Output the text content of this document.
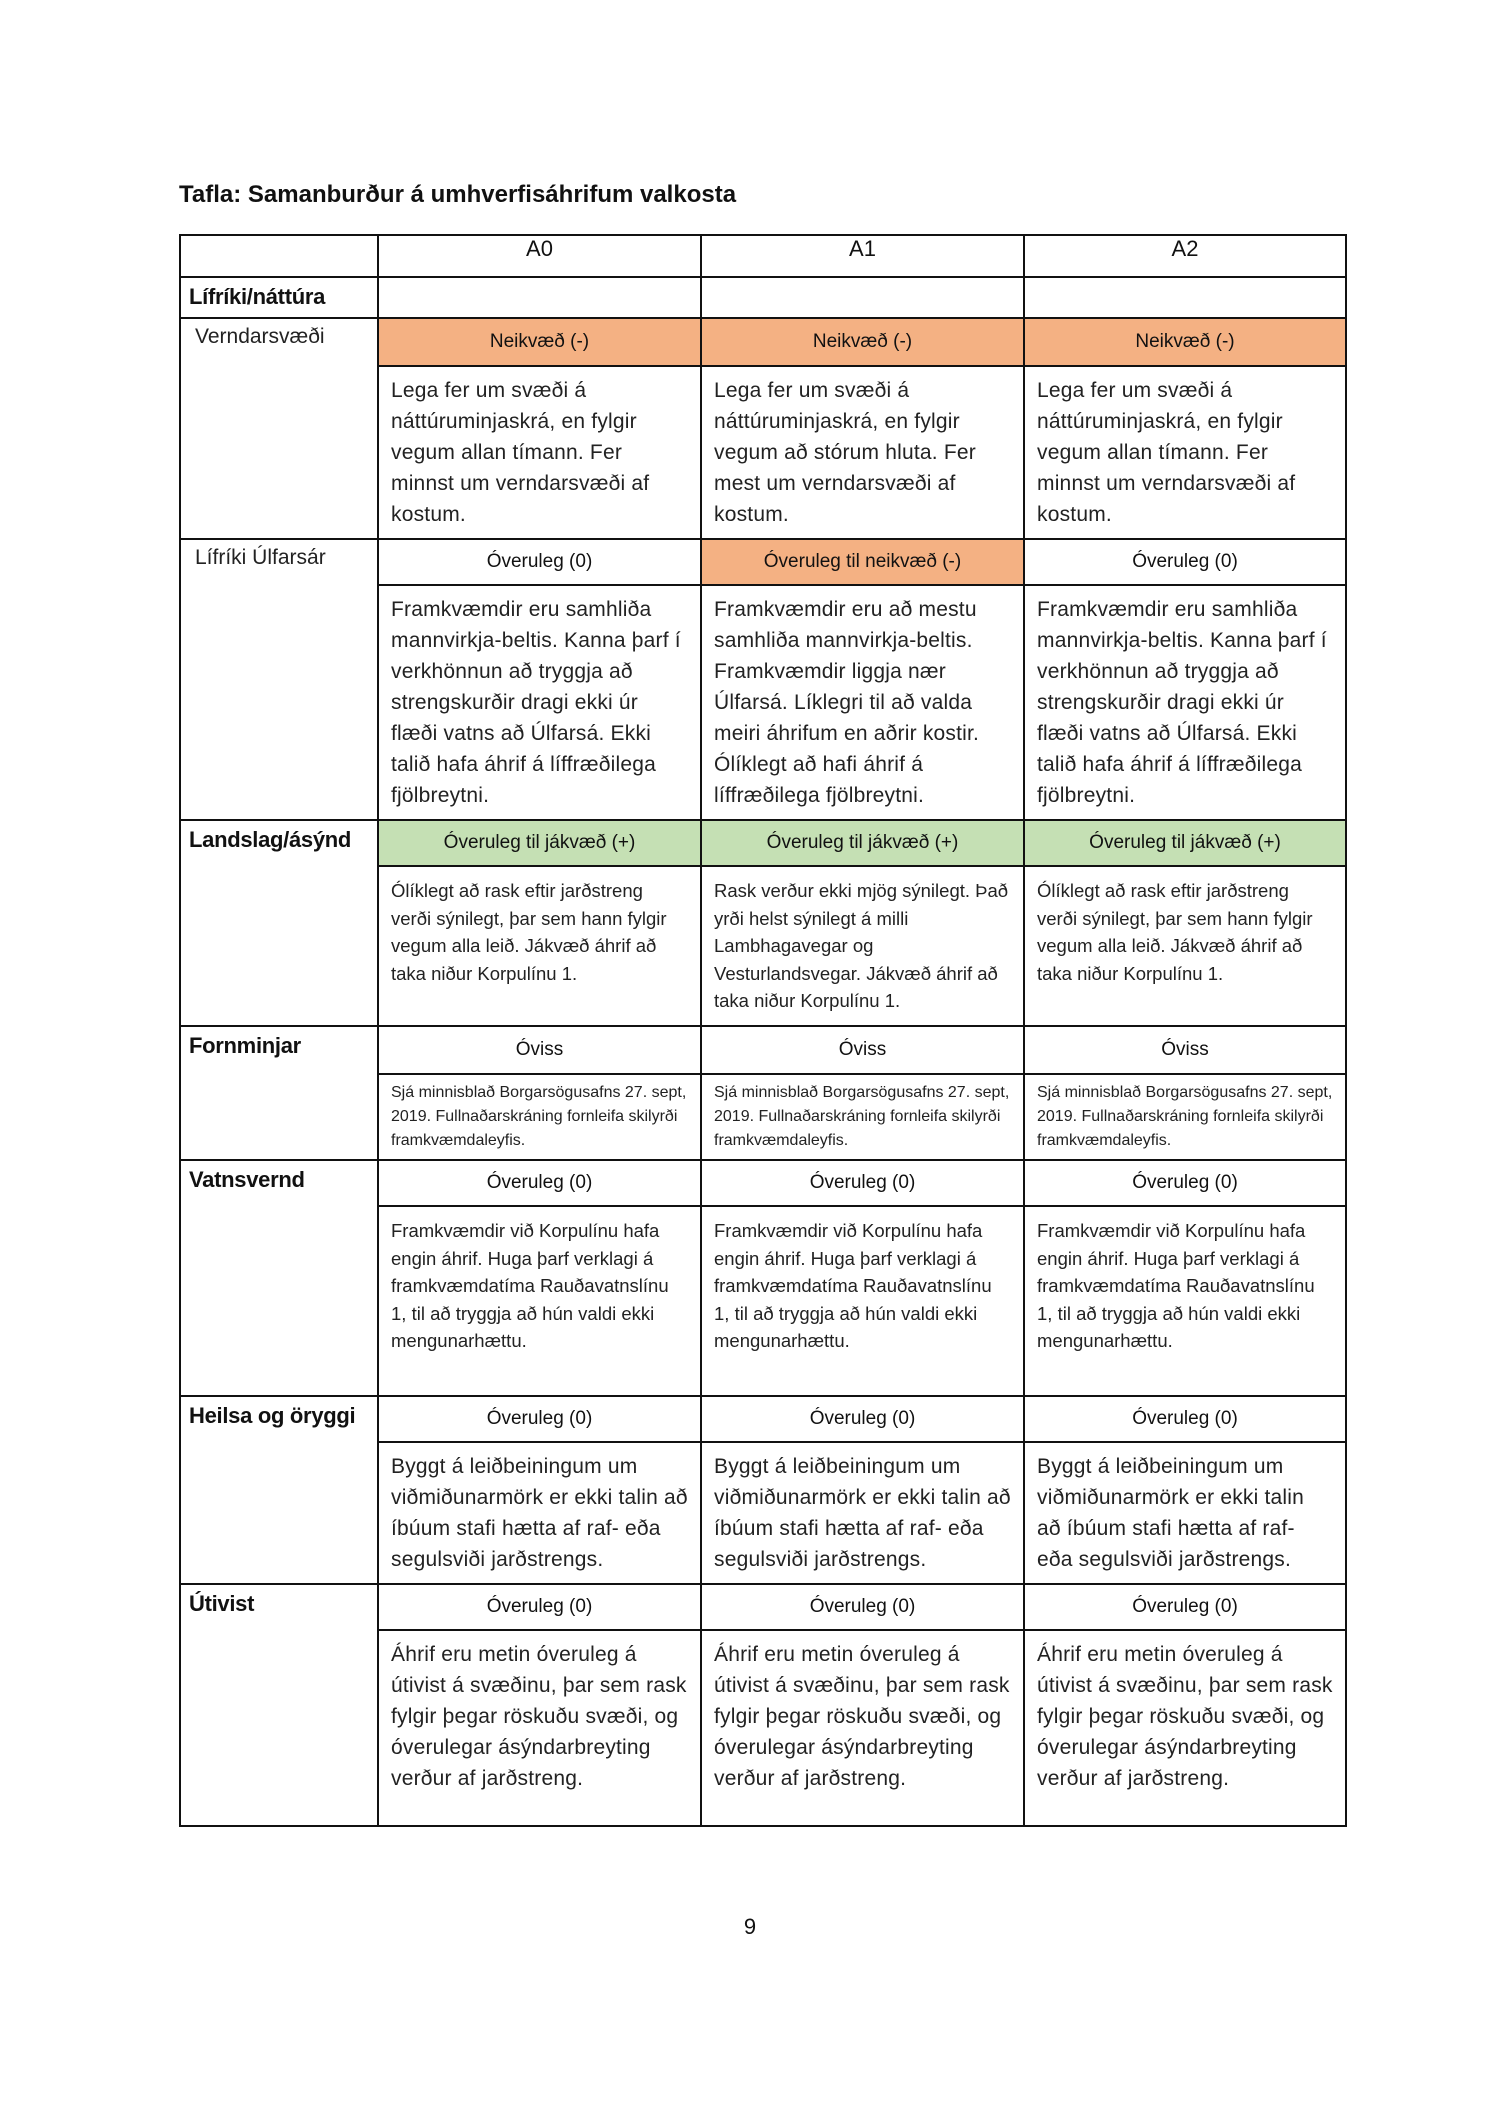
Tafla: Samanburður á umhverfisáhrifum valkosta
	A0	A1	A2
Lífríki/náttúra			
Verndarsvæði	Neikvæð (-)	Neikvæð (-)	Neikvæð (-)
	Lega fer um svæði á náttúruminjaskrá, en fylgir vegum allan tímann. Fer minnst um verndarsvæði af kostum.	Lega fer um svæði á náttúruminjaskrá, en fylgir vegum að stórum hluta. Fer mest um verndarsvæði af kostum.	Lega fer um svæði á náttúruminjaskrá, en fylgir vegum allan tímann. Fer minnst um verndarsvæði af kostum.
Lífríki Úlfarsár	Óveruleg (0)	Óveruleg til neikvæð (-)	Óveruleg (0)
	Framkvæmdir eru samhliða mannvirkja-beltis. Kanna þarf í verkhönnun að tryggja að strengskurðir dragi ekki úr flæði vatns að Úlfarsá. Ekki talið hafa áhrif á líffræðilega fjölbreytni.	Framkvæmdir eru að mestu samhliða mannvirkja-beltis. Framkvæmdir liggja nær Úlfarsá. Líklegri til að valda meiri áhrifum en aðrir kostir. Ólíklegt að hafi áhrif á líffræðilega fjölbreytni.	Framkvæmdir eru samhliða mannvirkja-beltis. Kanna þarf í verkhönnun að tryggja að strengskurðir dragi ekki úr flæði vatns að Úlfarsá. Ekki talið hafa áhrif á líffræðilega fjölbreytni.
Landslag/ásýnd	Óveruleg til jákvæð (+)	Óveruleg til jákvæð (+)	Óveruleg til jákvæð (+)
	Ólíklegt að rask eftir jarðstreng verði sýnilegt, þar sem hann fylgir vegum alla leið. Jákvæð áhrif að taka niður Korpulínu 1.	Rask verður ekki mjög sýnilegt. Það yrði helst sýnilegt á milli Lambhagavegar og Vesturlandsvegar. Jákvæð áhrif að taka niður Korpulínu 1.	Ólíklegt að rask eftir jarðstreng verði sýnilegt, þar sem hann fylgir vegum alla leið. Jákvæð áhrif að taka niður Korpulínu 1.
Fornminjar	Óviss	Óviss	Óviss
	Sjá minnisblað Borgarsögusafns 27. sept, 2019. Fullnaðarskráning fornleifa skilyrði framkvæmdaleyfis.	Sjá minnisblað Borgarsögusafns 27. sept, 2019. Fullnaðarskráning fornleifa skilyrði framkvæmdaleyfis.	Sjá minnisblað Borgarsögusafns 27. sept, 2019. Fullnaðarskráning fornleifa skilyrði framkvæmdaleyfis.
Vatnsvernd	Óveruleg (0)	Óveruleg (0)	Óveruleg (0)
	Framkvæmdir við Korpulínu hafa engin áhrif. Huga þarf verklagi á framkvæmdatíma Rauðavatnslínu 1, til að tryggja að hún valdi ekki mengunarhættu.	Framkvæmdir við Korpulínu hafa engin áhrif. Huga þarf verklagi á framkvæmdatíma Rauðavatnslínu 1, til að tryggja að hún valdi ekki mengunarhættu.	Framkvæmdir við Korpulínu hafa engin áhrif. Huga þarf verklagi á framkvæmdatíma Rauðavatnslínu 1, til að tryggja að hún valdi ekki mengunarhættu.
Heilsa og öryggi	Óveruleg (0)	Óveruleg (0)	Óveruleg (0)
	Byggt á leiðbeiningum um viðmiðunarmörk er ekki talin að íbúum stafi hætta af raf- eða segulsviði jarðstrengs.	Byggt á leiðbeiningum um viðmiðunarmörk er ekki talin að íbúum stafi hætta af raf- eða segulsviði jarðstrengs.	Byggt á leiðbeiningum um viðmiðunarmörk er ekki talin að íbúum stafi hætta af raf- eða segulsviði jarðstrengs.
Útivist	Óveruleg (0)	Óveruleg (0)	Óveruleg (0)
	Áhrif eru metin óveruleg á útivist á svæðinu, þar sem rask fylgir þegar röskuðu svæði, og óverulegar ásýndarbreyting verður af jarðstreng.	Áhrif eru metin óveruleg á útivist á svæðinu, þar sem rask fylgir þegar röskuðu svæði, og óverulegar ásýndarbreyting verður af jarðstreng.	Áhrif eru metin óveruleg á útivist á svæðinu, þar sem rask fylgir þegar röskuðu svæði, og óverulegar ásýndarbreyting verður af jarðstreng.
9
